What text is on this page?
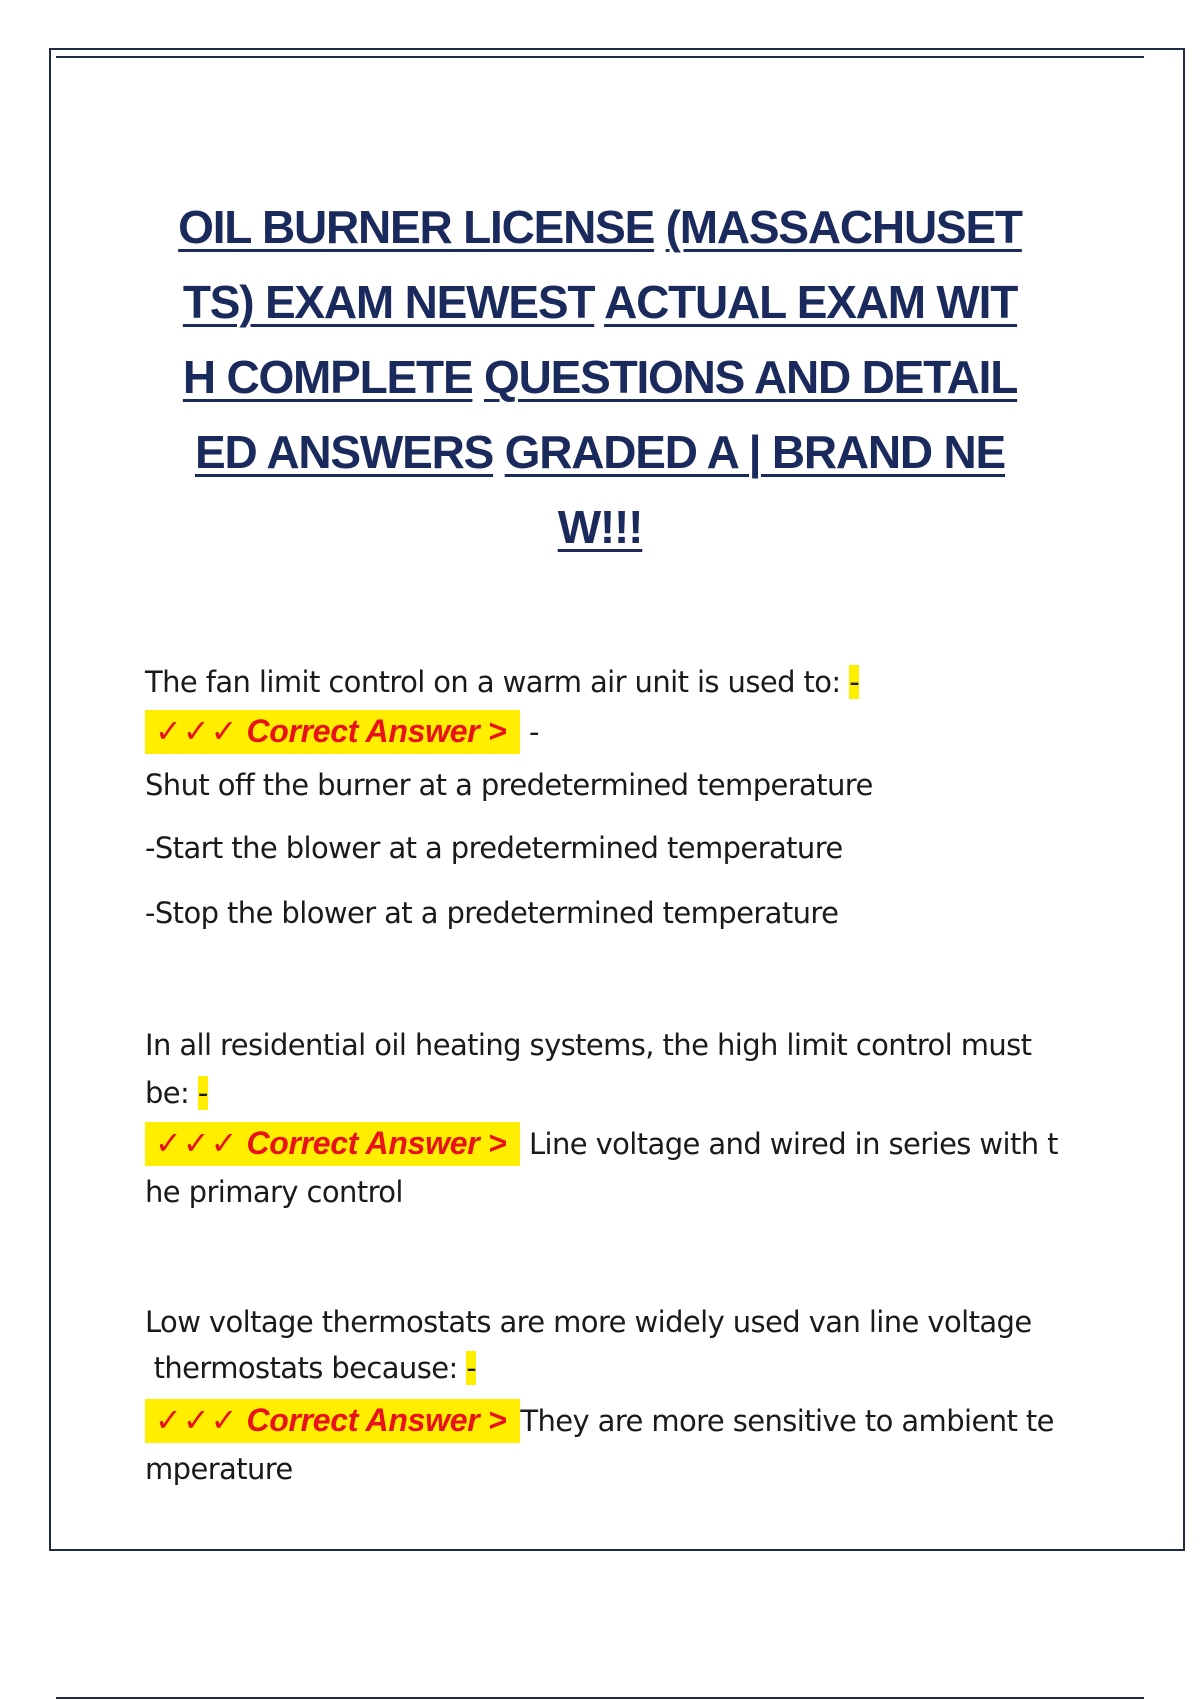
OIL BURNER LICENSE (MASSACHUSET
TS) EXAM NEWEST ACTUAL EXAM WIT
H COMPLETE QUESTIONS AND DETAIL
ED ANSWERS GRADED A | BRAND NE
W!!!
The fan limit control on a warm air unit is used to: -
✓✓✓ Correct Answer > -
Shut off the burner at a predetermined temperature
-Start the blower at a predetermined temperature
-Stop the blower at a predetermined temperature
In all residential oil heating systems, the high limit control must
be: -
✓✓✓ Correct Answer > Line voltage and wired in series with t
he primary control
Low voltage thermostats are more widely used van line voltage
thermostats because: -
✓✓✓ Correct Answer > They are more sensitive to ambient te
mperature
